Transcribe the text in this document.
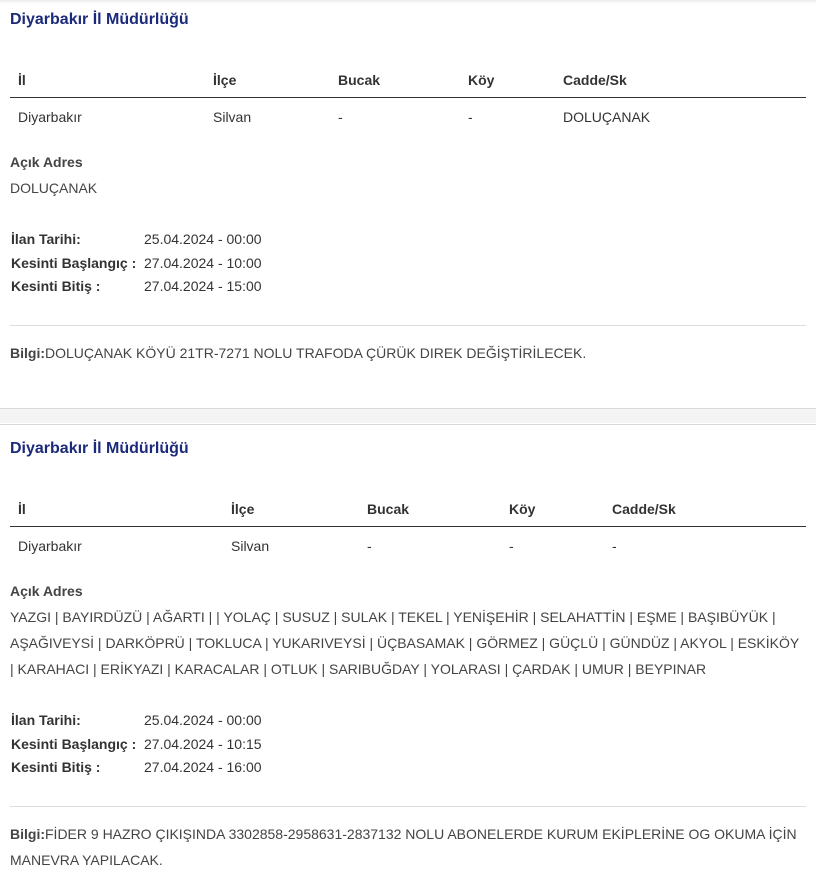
Diyarbakır İl Müdürlüğü
İl	İlçe	Bucak	Köy	Cadde/Sk
Diyarbakır	Silvan	-	-	DOLUÇANAK
Açık Adres
DOLUÇANAK
İlan Tarihi:	25.04.2024 - 00:00
Kesinti Başlangıç : 27.04.2024 - 10:00
Kesinti Bitiş :	27.04.2024 - 15:00
Bilgi:DOLUÇANAK KÖYÜ 21TR-7271 NOLU TRAFODA ÇÜRÜK DIREK DEĞİŞTİRİLECEK.
Diyarbakır İl Müdürlüğü
İl	İlçe	Bucak	Köy	Cadde/Sk
Diyarbakır	Silvan	-	-	-
Açık Adres
YAZGI | BAYIRDÜZÜ | AĞARTI | | YOLAÇ | SUSUZ | SULAK | TEKEL | YENİŞEHİR | SELAHATTİN | EŞME | BAŞIBÜYÜK | AŞAĞIVEYSİ | DARKÖPRÜ | TOKLUCA | YUKARIVEYSİ | ÜÇBASAMAK | GÖRMEZ | GÜÇLÜ | GÜNDÜZ | AKYOL | ESKİKÖY | KARAHACI | ERİKYAZI | KARACALAR | OTLUK | SARIBUĞDAY | YOLARASI | ÇARDAK | UMUR | BEYPINAR
İlan Tarihi:	25.04.2024 - 00:00
Kesinti Başlangıç : 27.04.2024 - 10:15
Kesinti Bitiş :	27.04.2024 - 16:00
Bilgi:FİDER 9 HAZRO ÇIKIŞINDA 3302858-2958631-2837132 NOLU ABONELERDE KURUM EKİPLERİNE OG OKUMA İÇİN MANEVRA YAPILACAK.
